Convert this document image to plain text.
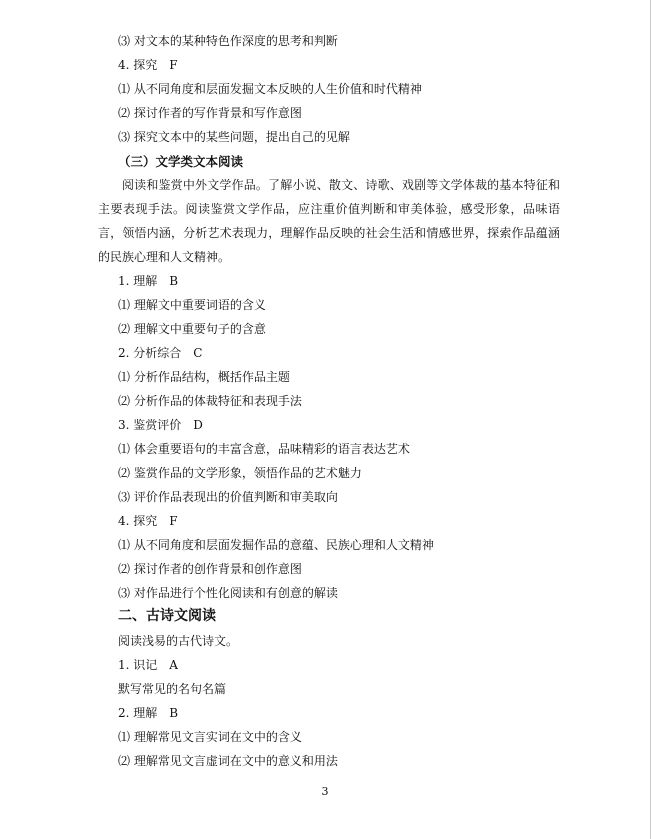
⑶ 对文本的某种特色作深度的思考和判断
4. 探究　F
⑴ 从不同角度和层面发掘文本反映的人生价值和时代精神
⑵ 探讨作者的写作背景和写作意图
⑶ 探究文本中的某些问题，提出自己的见解
（三）文学类文本阅读
阅读和鉴赏中外文学作品。了解小说、散文、诗歌、戏剧等文学体裁的基本特征和主要表现手法。阅读鉴赏文学作品，应注重价值判断和审美体验，感受形象，品味语言，领悟内涵，分析艺术表现力，理解作品反映的社会生活和情感世界，探索作品蕴涵的民族心理和人文精神。
1. 理解　B
⑴ 理解文中重要词语的含义
⑵ 理解文中重要句子的含意
2. 分析综合　C
⑴ 分析作品结构，概括作品主题
⑵ 分析作品的体裁特征和表现手法
3. 鉴赏评价　D
⑴ 体会重要语句的丰富含意，品味精彩的语言表达艺术
⑵ 鉴赏作品的文学形象，领悟作品的艺术魅力
⑶ 评价作品表现出的价值判断和审美取向
4. 探究　F
⑴ 从不同角度和层面发掘作品的意蕴、民族心理和人文精神
⑵ 探讨作者的创作背景和创作意图
⑶ 对作品进行个性化阅读和有创意的解读
二、古诗文阅读
阅读浅易的古代诗文。
1. 识记　A
默写常见的名句名篇
2. 理解　B
⑴ 理解常见文言实词在文中的含义
⑵ 理解常见文言虚词在文中的意义和用法
3
